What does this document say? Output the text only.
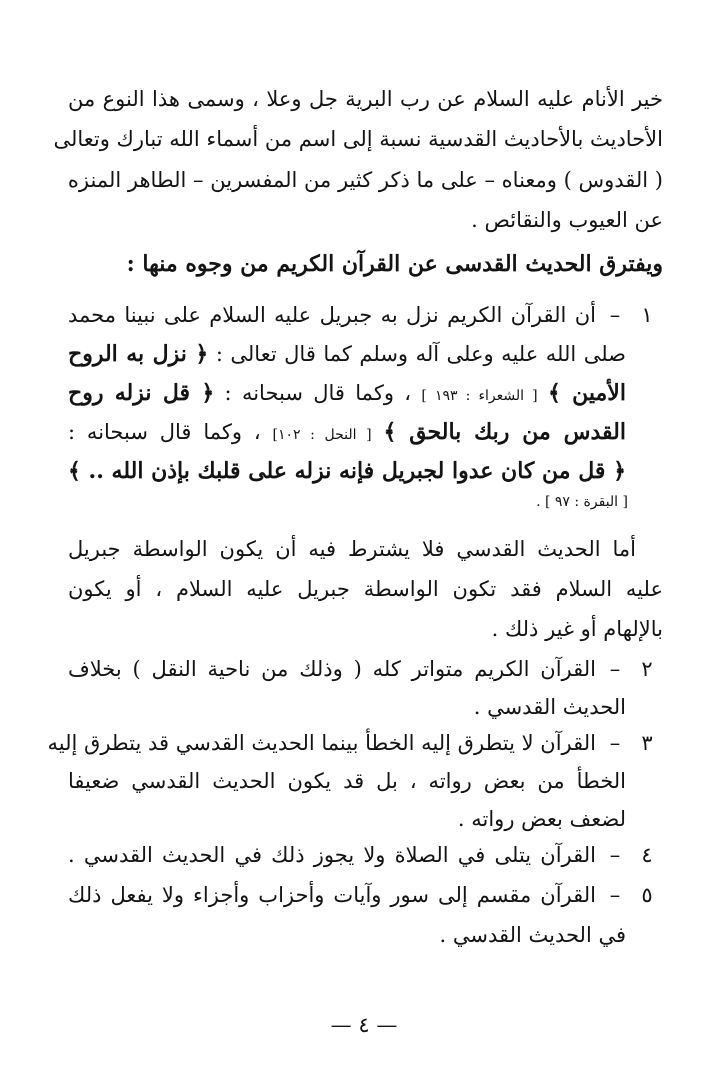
خير الأنام عليه السلام عن رب البرية جل وعلا ، وسمى هذا النوع من
الأحاديث بالأحاديث القدسية نسبة إلى اسم من أسماء الله تبارك وتعالى
( القدوس ) ومعناه – على ما ذكر كثير من المفسرين – الطاهر المنزه
عن العيوب والنقائص .
ويفترق الحديث القدسى عن القرآن الكريم من وجوه منها :
١
–
أن القرآن الكريم نزل به جبريل عليه السلام على نبينا محمد
صلى الله عليه وعلى آله وسلم كما قال تعالى : ﴿ نزل به الروح
الأمين ﴾ [ الشعراء : ١٩٣ ] ، وكما قال سبحانه : ﴿ قل نزله روح
القدس من ربك بالحق ﴾ [ النحل : ١٠٢] ، وكما قال سبحانه :
﴿ قل من كان عدوا لجبريل فإنه نزله على قلبك بإذن الله .. ﴾
[ البقرة : ٩٧ ] .
أما الحديث القدسي فلا يشترط فيه أن يكون الواسطة جبريل
عليه السلام فقد تكون الواسطة جبريل عليه السلام ، أو يكون
بالإلهام أو غير ذلك .
٢
–
القرآن الكريم متواتر كله ( وذلك من ناحية النقل ) بخلاف
الحديث القدسي .
٣
–
القرآن لا يتطرق إليه الخطأ بينما الحديث القدسي قد يتطرق إليه
الخطأ من بعض رواته ، بل قد يكون الحديث القدسي ضعيفا
لضعف بعض رواته .
٤
–
القرآن يتلى في الصلاة ولا يجوز ذلك في الحديث القدسي .
٥
–
القرآن مقسم إلى سور وآيات وأحزاب وأجزاء ولا يفعل ذلك
في الحديث القدسي .
— ٤ —
